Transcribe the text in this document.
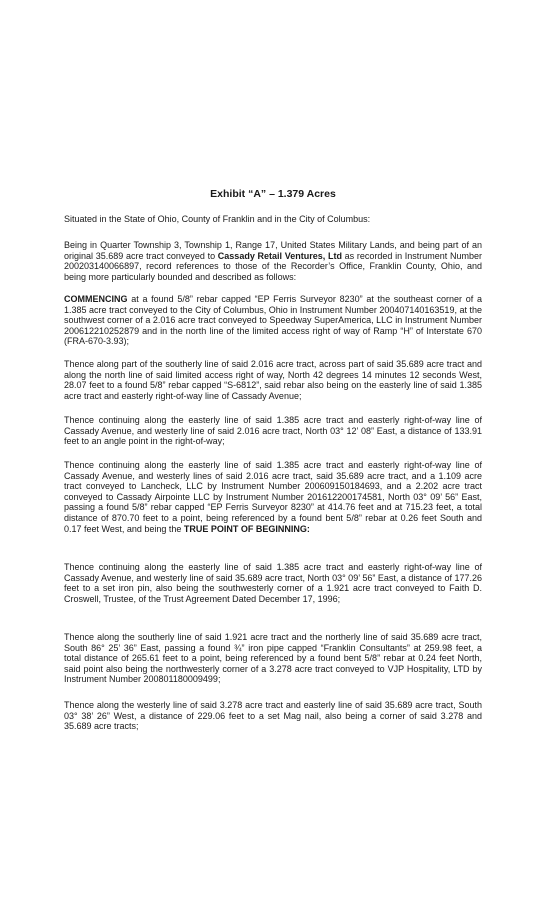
Exhibit “A” – 1.379 Acres

Situated in the State of Ohio, County of Franklin and in the City of Columbus:

Being in Quarter Township 3, Township 1, Range 17, United States Military Lands, and being part of an original 35.689 acre tract conveyed to Cassady Retail Ventures, Ltd as recorded in Instrument Number 200203140066897, record references to those of the Recorder’s Office, Franklin County, Ohio, and being more particularly bounded and described as follows:

COMMENCING at a found 5/8” rebar capped “EP Ferris Surveyor 8230” at the southeast corner of a 1.385 acre tract conveyed to the City of Columbus, Ohio in Instrument Number 200407140163519, at the southwest corner of a 2.016 acre tract conveyed to Speedway SuperAmerica, LLC in Instrument Number 200612210252879 and in the north line of the limited access right of way of Ramp “H” of Interstate 670 (FRA-670-3.93);

Thence along part of the southerly line of said 2.016 acre tract, across part of said 35.689 acre tract and along the north line of said limited access right of way, North 42 degrees 14 minutes 12 seconds West, 28.07 feet to a found 5/8” rebar capped “S-6812”, said rebar also being on the easterly line of said 1.385 acre tract and easterly right-of-way line of Cassady Avenue;

Thence continuing along the easterly line of said 1.385 acre tract and easterly right-of-way line of Cassady Avenue, and westerly line of said 2.016 acre tract, North 03° 12’ 08” East, a distance of 133.91 feet to an angle point in the right-of-way;

Thence continuing along the easterly line of said 1.385 acre tract and easterly right-of-way line of Cassady Avenue, and westerly lines of said 2.016 acre tract, said 35.689 acre tract, and a 1.109 acre tract conveyed to Lancheck, LLC by Instrument Number 200609150184693, and a 2.202 acre tract conveyed to Cassady Airpointe LLC by Instrument Number 201612200174581, North 03° 09’ 56” East, passing a found 5/8” rebar capped “EP Ferris Surveyor 8230” at 414.76 feet and at 715.23 feet, a total distance of 870.70 feet to a point, being referenced by a found bent 5/8” rebar at 0.26 feet South and 0.17 feet West, and being the TRUE POINT OF BEGINNING:

Thence continuing along the easterly line of said 1.385 acre tract and easterly right-of-way line of Cassady Avenue, and westerly line of said 35.689 acre tract, North 03° 09’ 56” East, a distance of 177.26 feet to a set iron pin, also being the southwesterly corner of a 1.921 acre tract conveyed to Faith D. Croswell, Trustee, of the Trust Agreement Dated December 17, 1996;

Thence along the southerly line of said 1.921 acre tract and the northerly line of said 35.689 acre tract, South 86° 25’ 36” East, passing a found ¾” iron pipe capped “Franklin Consultants” at 259.98 feet, a total distance of 265.61 feet to a point, being referenced by a found bent 5/8” rebar at 0.24 feet North, said point also being the northwesterly corner of a 3.278 acre tract conveyed to VJP Hospitality, LTD by Instrument Number 200801180009499;

Thence along the westerly line of said 3.278 acre tract and easterly line of said 35.689 acre tract, South 03° 38’ 26” West, a distance of 229.06 feet to a set Mag nail, also being a corner of said 3.278 and 35.689 acre tracts;
